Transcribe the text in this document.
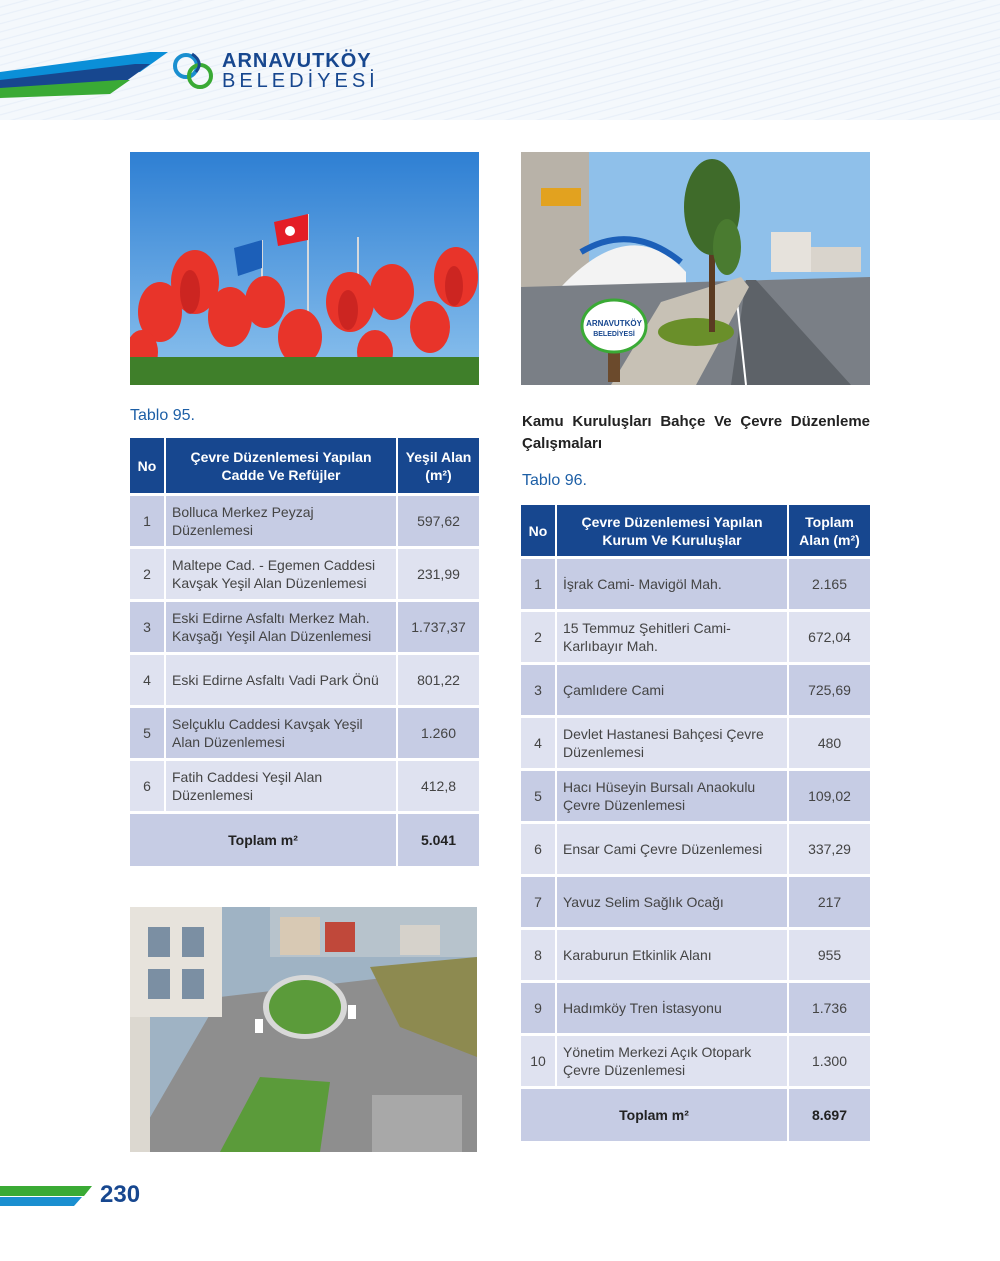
ARNAVUTKÖY
BELEDİYESİ
ARNAVUTKÖY
BELEDİYESİ
Tablo 95.
No	Çevre Düzenlemesi Yapılan Cadde Ve Refüjler	Yeşil Alan (m²)
1	Bolluca Merkez Peyzaj Düzenlemesi	597,62
2	Maltepe Cad. - Egemen Caddesi Kavşak Yeşil Alan Düzenlemesi	231,99
3	Eski Edirne Asfaltı Merkez Mah. Kavşağı Yeşil Alan Düzenlemesi	1.737,37
4	Eski Edirne Asfaltı Vadi Park Önü	801,22
5	Selçuklu Caddesi Kavşak Yeşil Alan Düzenlemesi	1.260
6	Fatih Caddesi Yeşil Alan Düzenlemesi	412,8
Toplam m²		5.041
Kamu Kuruluşları Bahçe Ve Çevre Düzenleme Çalışmaları
Tablo 96.
No	Çevre Düzenlemesi Yapılan Kurum Ve Kuruluşlar	Toplam Alan (m²)
1	İşrak Cami- Mavigöl Mah.	2.165
2	15 Temmuz Şehitleri Cami- Karlıbayır Mah.	672,04
3	Çamlıdere Cami	725,69
4	Devlet Hastanesi Bahçesi Çevre Düzenlemesi	480
5	Hacı Hüseyin Bursalı Anaokulu Çevre Düzenlemesi	109,02
6	Ensar Cami Çevre Düzenlemesi	337,29
7	Yavuz Selim Sağlık Ocağı	217
8	Karaburun Etkinlik Alanı	955
9	Hadımköy Tren İstasyonu	1.736
10	Yönetim Merkezi Açık Otopark Çevre Düzenlemesi	1.300
Toplam m²		8.697
230
